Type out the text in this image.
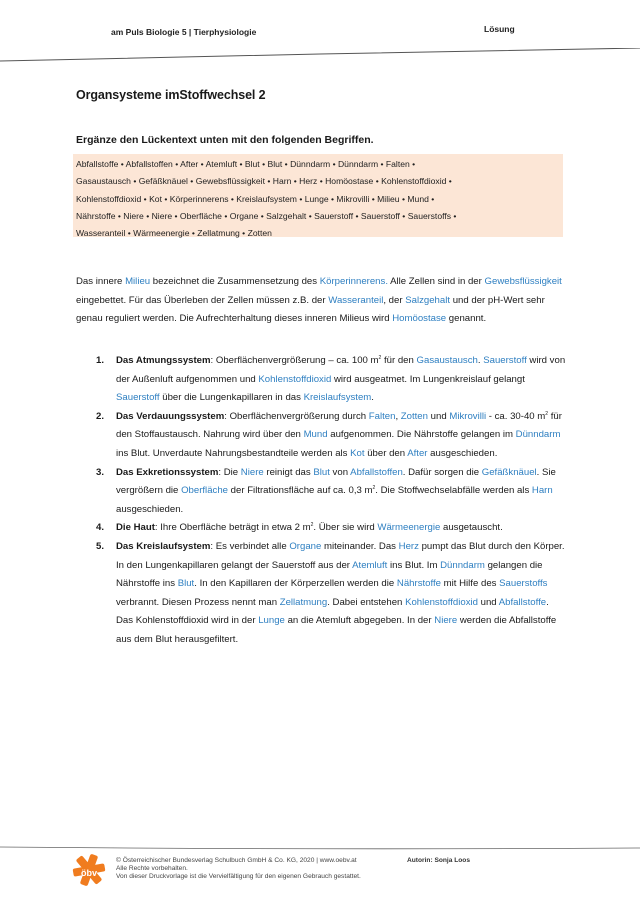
am Puls Biologie 5 | Tierphysiologie	Lösung
Organsysteme imStoffwechsel 2
Ergänze den Lückentext unten mit den folgenden Begriffen.
Abfallstoffe • Abfallstoffen • After • Atemluft • Blut • Blut • Dünndarm • Dünndarm • Falten •
Gasaustausch • Gefäßknäuel • Gewebsflüssigkeit • Harn • Herz • Homöostase • Kohlenstoffdioxid •
Kohlenstoffdioxid • Kot • Körperinnerens • Kreislaufsystem • Lunge • Mikrovilli • Milieu • Mund •
Nährstoffe • Niere • Niere • Oberfläche • Organe • Salzgehalt • Sauerstoff • Sauerstoff • Sauerstoffs •
Wasseranteil • Wärmeenergie • Zellatmung • Zotten
Das innere Milieu bezeichnet die Zusammensetzung des Körperinnerens. Alle Zellen sind in der Gewebsflüssigkeit eingebettet. Für das Überleben der Zellen müssen z.B. der Wasseranteil, der Salzgehalt und der pH-Wert sehr genau reguliert werden. Die Aufrechterhaltung dieses inneren Milieus wird Homöostase genannt.
1. Das Atmungssystem: Oberflächenvergrößerung – ca. 100 $m^2$ für den Gasaustausch. Sauerstoff wird von der Außenluft aufgenommen und Kohlenstoffdioxid wird ausgeatmet. Im Lungenkreislauf gelangt Sauerstoff über die Lungenkapillaren in das Kreislaufsystem.
2. Das Verdauungssystem: Oberflächenvergrößerung durch Falten, Zotten und Mikrovilli - ca. 30-40 $m^2$ für den Stoffaustausch. Nahrung wird über den Mund aufgenommen. Die Nährstoffe gelangen im Dünndarm ins Blut. Unverdaute Nahrungsbestandteile werden als Kot über den After ausgeschieden.
3. Das Exkretionssystem: Die Niere reinigt das Blut von Abfallstoffen. Dafür sorgen die Gefäßknäuel. Sie vergrößern die Oberfläche der Filtrationsfläche auf ca. 0,3 $m^2$. Die Stoffwechselabfälle werden als Harn ausgeschieden.
4. Die Haut: Ihre Oberfläche beträgt in etwa 2 $m^2$. Über sie wird Wärmeenergie ausgetauscht.
5. Das Kreislaufsystem: Es verbindet alle Organe miteinander. Das Herz pumpt das Blut durch den Körper. In den Lungenkapillaren gelangt der Sauerstoff aus der Atemluft ins Blut. Im Dünndarm gelangen die Nährstoffe ins Blut. In den Kapillaren der Körperzellen werden die Nährstoffe mit Hilfe des Sauerstoffs verbrannt. Diesen Prozess nennt man Zellatmung. Dabei entstehen Kohlenstoffdioxid und Abfallstoffe. Das Kohlenstoffdioxid wird in der Lunge an die Atemluft abgegeben. In der Niere werden die Abfallstoffe aus dem Blut herausgefiltert.
öbv
© Österreichischer Bundesverlag Schulbuch GmbH & Co. KG, 2020 | www.oebv.at
Alle Rechte vorbehalten.
Von dieser Druckvorlage ist die Vervielfältigung für den eigenen Gebrauch gestattet.
Autorin: Sonja Loos
